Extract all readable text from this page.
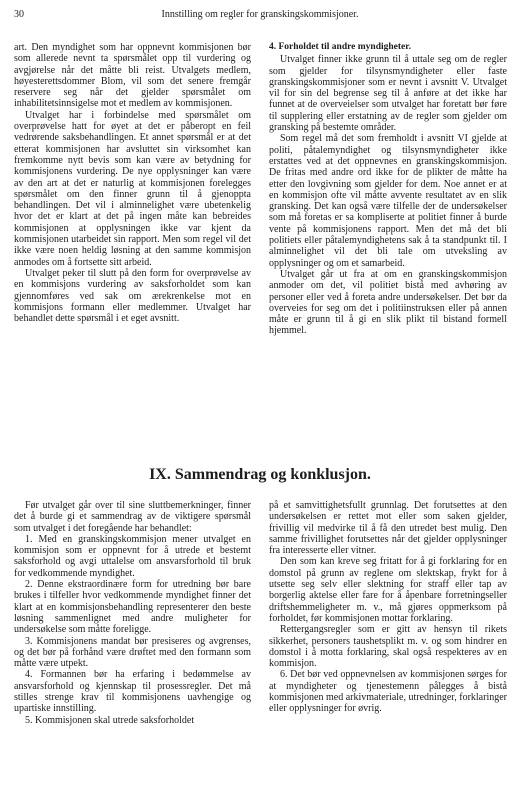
30	Innstilling om regler for granskingskommisjoner.

art. Den myndighet som har oppnevnt kommisjonen bør som allerede nevnt ta spørsmålet opp til vurdering og avgjørelse når det måtte bli reist. Utvalgets medlem, høyesterettsdommer Blom, vil som det senere fremgår reservere seg når det gjelder spørsmålet om inhabilitetsinnsigelse mot et medlem av kommisjonen.

Utvalget har i forbindelse med spørsmålet om overprøvelse hatt for øyet at det er påberopt en feil vedrørende saksbehandlingen. Et annet spørsmål er at det etterat kommisjonen har avsluttet sin virksomhet kan fremkomme nytt bevis som kan være av betydning for kommisjonens vurdering. De nye opplysninger kan være av den art at det er naturlig at kommisjonen forelegges spørsmålet om den finner grunn til å gjenoppta behandlingen. Det vil i alminnelighet være ubetenkelig hvor det er klart at det på ingen måte kan bebreides kommisjonen at opplysningen ikke var kjent da kommisjonen utarbeidet sin rapport. Men som regel vil det ikke være noen heldig løsning at den samme kommisjon anmodes om å fortsette sitt arbeid.

Utvalget peker til slutt på den form for overprøvelse av en kommisjons vurdering av saksforholdet som kan gjennomføres ved sak om ærekrenkelse mot en kommisjons formann eller medlemmer. Utvalget har behandlet dette spørsmål i et eget avsnitt.

4. Forholdet til andre myndigheter.

Utvalget finner ikke grunn til å uttale seg om de regler som gjelder for tilsynsmyndigheter eller faste granskingskommisjoner som er nevnt i avsnitt V. Utvalget vil for sin del begrense seg til å anføre at det ikke har funnet at de overveielser som utvalget har foretatt bør føre til supplering eller erstatning av de regler som gjelder om gransking på bestemte områder.

Som regel må det som fremholdt i avsnitt VI gjelde at politi, påtalemyndighet og tilsynsmyndigheter ikke erstattes ved at det oppnevnes en granskingskommisjon. De fritas med andre ord ikke for de plikter de måtte ha etter den lovgivning som gjelder for dem. Noe annet er at en kommisjon ofte vil måtte avvente resultatet av en slik gransking. Det kan også være tilfelle der de undersøkelser som må foretas er sa kompliserte at politiet finner å burde vente på kommisjonens rapport. Men det må det bli politiets eller påtalemyndighetens sak å ta standpunkt til. I alminnelighet vil det bli tale om utveksling av opplysninger og om et samarbeid.

Utvalget går ut fra at om en granskingskommisjon anmoder om det, vil politiet bistå med avhøring av personer eller ved å foreta andre undersøkelser. Det bør da overveies for seg om det i politiinstruksen eller på annen måte er grunn til å gi en slik plikt til bistand formell hjemmel.

IX. Sammendrag og konklusjon.

Før utvalget går over til sine sluttbemerkninger, finner det å burde gi et sammendrag av de viktigere spørsmål som utvalget i det foregående har behandlet:

1. Med en granskingskommisjon mener utvalget en kommisjon som er oppnevnt for å utrede et bestemt saksforhold og avgi uttalelse om ansvarsforhold til bruk for vedkommende myndighet.

2. Denne ekstraordinære form for utredning bør bare brukes i tilfeller hvor vedkommende myndighet finner det klart at en kommisjonsbehandling representerer den beste løsning sammenlignet med andre muligheter for undersøkelse som måtte foreligge.

3. Kommisjonens mandat bør presiseres og avgrenses, og det bør på forhånd være drøftet med den formann som måtte være utpekt.

4. Formannen bør ha erfaring i bedømmelse av ansvarsforhold og kjennskap til prosessregler. Det må stilles strenge krav til kommisjonens uavhengige og upartiske innstilling.

5. Kommisjonen skal utrede saksforholdet

på et samvittighetsfullt grunnlag. Det forutsettes at den undersøkelsen er rettet mot eller som saken gjelder, frivillig vil medvirke til å få den utredet best mulig. Den samme frivillighet forutsettes når det gjelder opplysninger fra interesserte eller vitner.

Den som kan kreve seg fritatt for å gi forklaring for en domstol på grunn av reglene om slektskap, frykt for å utsette seg selv eller slektning for straff eller tap av borgerlig aktelse eller fare for å åpenbare forretningseller driftshemmeligheter m. v., må gjøres oppmerksom på forholdet, før kommisjonen mottar forklaring.

Rettergangsregler som er gitt av hensyn til rikets sikkerhet, personers taushetsplikt m. v. og som hindrer en domstol i å motta forklaring, skal også respekteres av en kommisjon.

6. Det bør ved oppnevnelsen av kommisjonen sørges for at myndigheter og tjenestemenn pålegges å bistå kommisjonen med arkivmateriale, utredninger, forklaringer eller opplysninger for øvrig.
